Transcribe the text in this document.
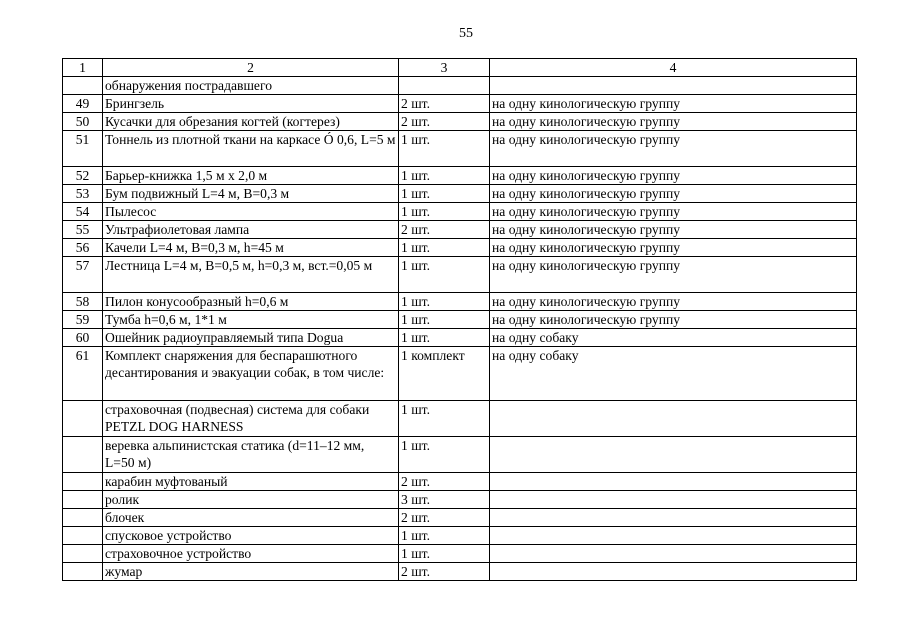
55
1	2	3	4
	обнаружения пострадавшего		
49	Брингзель	2 шт.	на одну кинологическую группу
50	Кусачки для обрезания когтей (когтерез)	2 шт.	на одну кинологическую группу
51	Тоннель из плотной ткани на каркасе Ó 0,6, L=5 м	1 шт.	на одну кинологическую группу
52	Барьер-книжка 1,5 м х 2,0 м	1 шт.	на одну кинологическую группу
53	Бум подвижный L=4 м, B=0,3 м	1 шт.	на одну кинологическую группу
54	Пылесос	1 шт.	на одну кинологическую группу
55	Ультрафиолетовая лампа	2 шт.	на одну кинологическую группу
56	Качели L=4 м, B=0,3 м, h=45 м	1 шт.	на одну кинологическую группу
57	Лестница L=4 м, B=0,5 м, h=0,3 м, вст.=0,05 м	1 шт.	на одну кинологическую группу
58	Пилон конусообразный h=0,6 м	1 шт.	на одну кинологическую группу
59	Тумба h=0,6 м, 1*1 м	1 шт.	на одну кинологическую группу
60	Ошейник радиоуправляемый типа Dogua	1 шт.	на одну собаку
61	Комплект снаряжения для беспарашютного десантирования и эвакуации собак, в том числе:	1 комплект	на одну собаку
	страховочная (подвесная) система для собаки PETZL DOG HARNESS	1 шт.	
	веревка альпинистская статика (d=11–12 мм, L=50 м)	1 шт.	
	карабин муфтованый	2 шт.	
	ролик	3 шт.	
	блочек	2 шт.	
	спусковое устройство	1 шт.	
	страховочное устройство	1 шт.	
	жумар	2 шт.	
